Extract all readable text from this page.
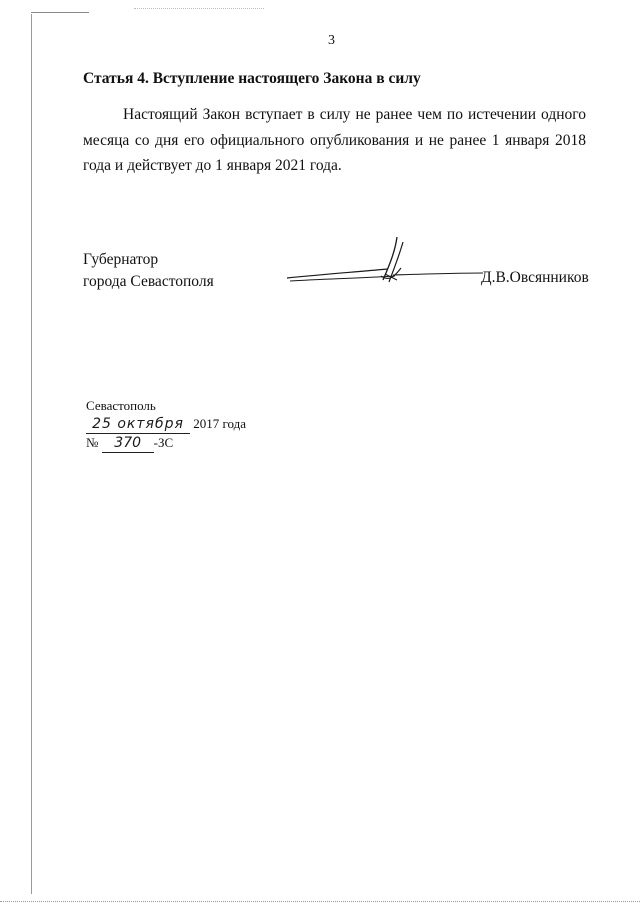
3
Статья 4. Вступление настоящего Закона в силу
Настоящий Закон вступает в силу не ранее чем по истечении одного месяца со дня его официального опубликования и не ранее 1 января 2018 года и действует до 1 января 2021 года.
Губернатор
города Севастополя	Д.В.Овсянников
Севастополь
25 октября 2017 года
№ 370 -ЗС
